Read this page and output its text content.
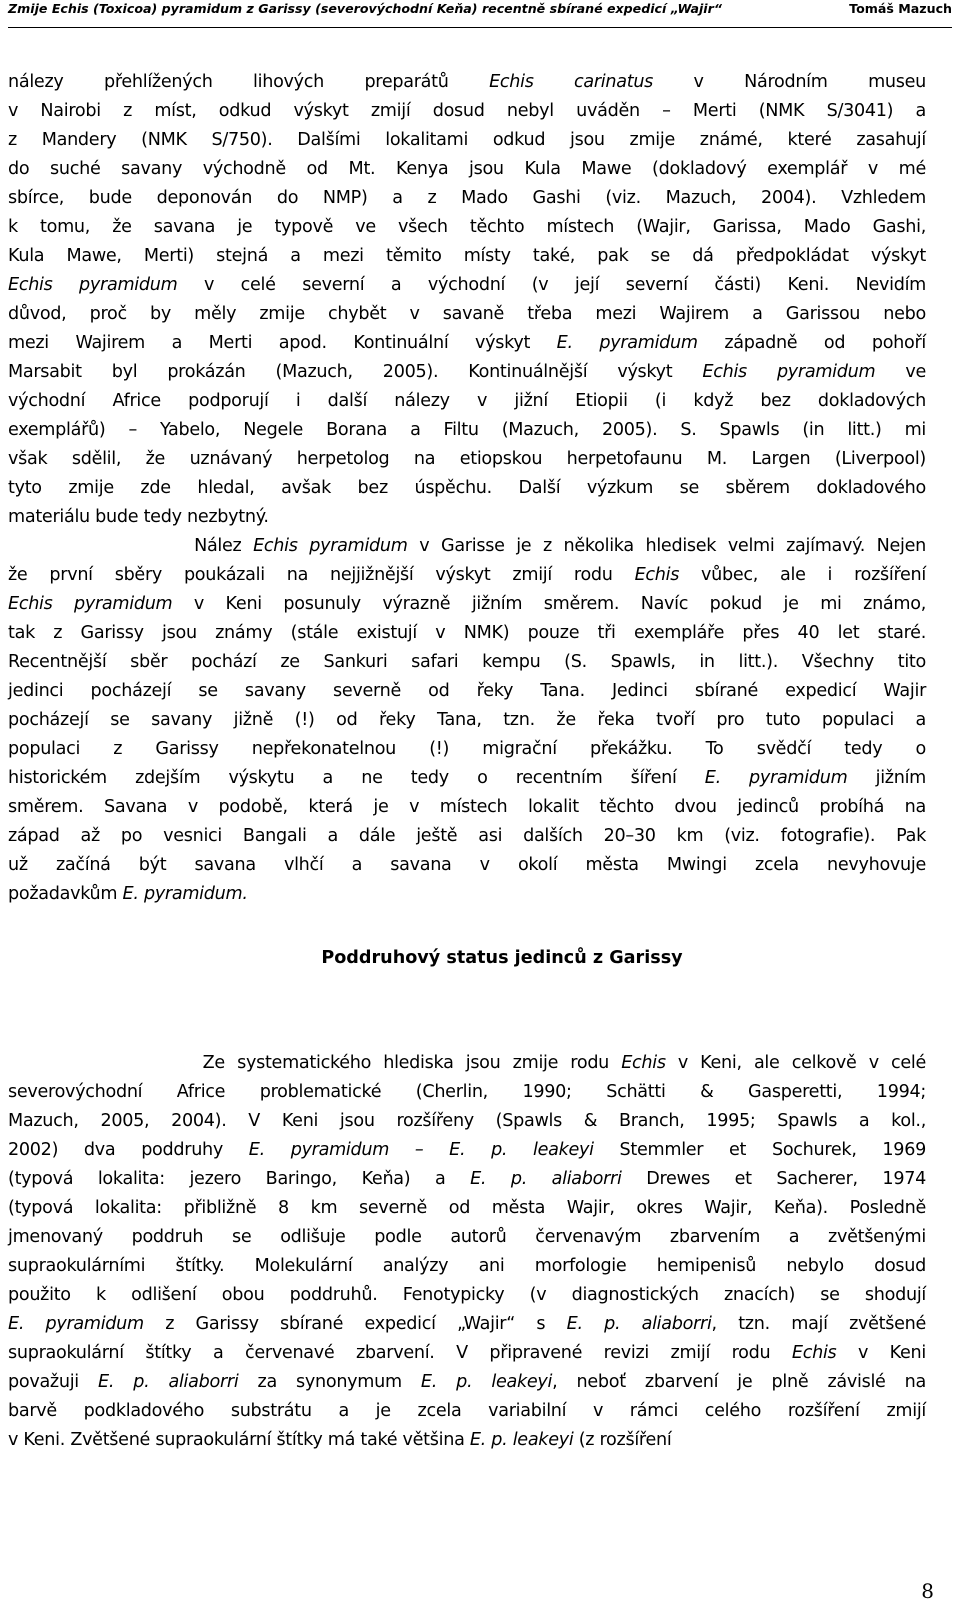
Zmije Echis (Toxicoa) pyramidum z Garissy (severovýchodní Keňa) recentně sbírané expedicí „Wajir“	Tomáš Mazuch
nálezy přehlížených lihových preparátů Echis carinatus v Národním museu
v Nairobi z míst, odkud výskyt zmijí dosud nebyl uváděn – Merti (NMK S/3041) a
z Mandery (NMK S/750). Dalšími lokalitami odkud jsou zmije známé, které zasahují
do suché savany východně od Mt. Kenya jsou Kula Mawe (dokladový exemplář v mé
sbírce, bude deponován do NMP) a z Mado Gashi (viz. Mazuch, 2004). Vzhledem
k tomu, že savana je typově ve všech těchto místech (Wajir, Garissa, Mado Gashi,
Kula Mawe, Merti) stejná a mezi těmito místy také, pak se dá předpokládat výskyt
Echis pyramidum v celé severní a východní (v její severní části) Keni. Nevidím
důvod, proč by měly zmije chybět v savaně třeba mezi Wajirem a Garissou nebo
mezi Wajirem a Merti apod. Kontinuální výskyt E. pyramidum západně od pohoří
Marsabit byl prokázán (Mazuch, 2005). Kontinuálnější výskyt Echis pyramidum ve
východní Africe podporují i další nálezy v jižní Etiopii (i když bez dokladových
exemplářů) – Yabelo, Negele Borana a Filtu (Mazuch, 2005). S. Spawls (in litt.) mi
však sdělil, že uznávaný herpetolog na etiopskou herpetofaunu M. Largen (Liverpool)
tyto zmije zde hledal, avšak bez úspěchu. Další výzkum se sběrem dokladového
materiálu bude tedy nezbytný.
Nález Echis pyramidum v Garisse je z několika hledisek velmi zajímavý. Nejen
že první sběry poukázali na nejjižnější výskyt zmijí rodu Echis vůbec, ale i rozšíření
Echis pyramidum v Keni posunuly výrazně jižním směrem. Navíc pokud je mi známo,
tak z Garissy jsou známy (stále existují v NMK) pouze tři exempláře přes 40 let staré.
Recentnější sběr pochází ze Sankuri safari kempu (S. Spawls, in litt.). Všechny tito
jedinci pocházejí se savany severně od řeky Tana. Jedinci sbírané expedicí Wajir
pocházejí se savany jižně (!) od řeky Tana, tzn. že řeka tvoří pro tuto populaci a
populaci z Garissy nepřekonatelnou (!) migrační překážku. To svědčí tedy o
historickém zdejším výskytu a ne tedy o recentním šíření E. pyramidum jižním
směrem. Savana v podobě, která je v místech lokalit těchto dvou jedinců probíhá na
západ až po vesnici Bangali a dále ještě asi dalších 20–30 km (viz. fotografie). Pak
už začíná být savana vlhčí a savana v okolí města Mwingi zcela nevyhovuje
požadavkům E. pyramidum.
Poddruhový status jedinců z Garissy
Ze systematického hlediska jsou zmije rodu Echis v Keni, ale celkově v celé
severovýchodní Africe problematické (Cherlin, 1990; Schätti & Gasperetti, 1994;
Mazuch, 2005, 2004). V Keni jsou rozšířeny (Spawls & Branch, 1995; Spawls a kol.,
2002) dva poddruhy E. pyramidum – E. p. leakeyi Stemmler et Sochurek, 1969
(typová lokalita: jezero Baringo, Keňa) a E. p. aliaborri Drewes et Sacherer, 1974
(typová lokalita: přibližně 8 km severně od města Wajir, okres Wajir, Keňa). Posledně
jmenovaný poddruh se odlišuje podle autorů červenavým zbarvením a zvětšenými
supraokulárními štítky. Molekulární analýzy ani morfologie hemipenisů nebylo dosud
použito k odlišení obou poddruhů. Fenotypicky (v diagnostických znacích) se shodují
E. pyramidum z Garissy sbírané expedicí „Wajir“ s E. p. aliaborri, tzn. mají zvětšené
supraokulární štítky a červenavé zbarvení. V připravené revizi zmijí rodu Echis v Keni
považuji E. p. aliaborri za synonymum E. p. leakeyi, neboť zbarvení je plně závislé na
barvě podkladového substrátu a je zcela variabilní v rámci celého rozšíření zmijí
v Keni. Zvětšené supraokulární štítky má také většina E. p. leakeyi (z rozšíření
8
